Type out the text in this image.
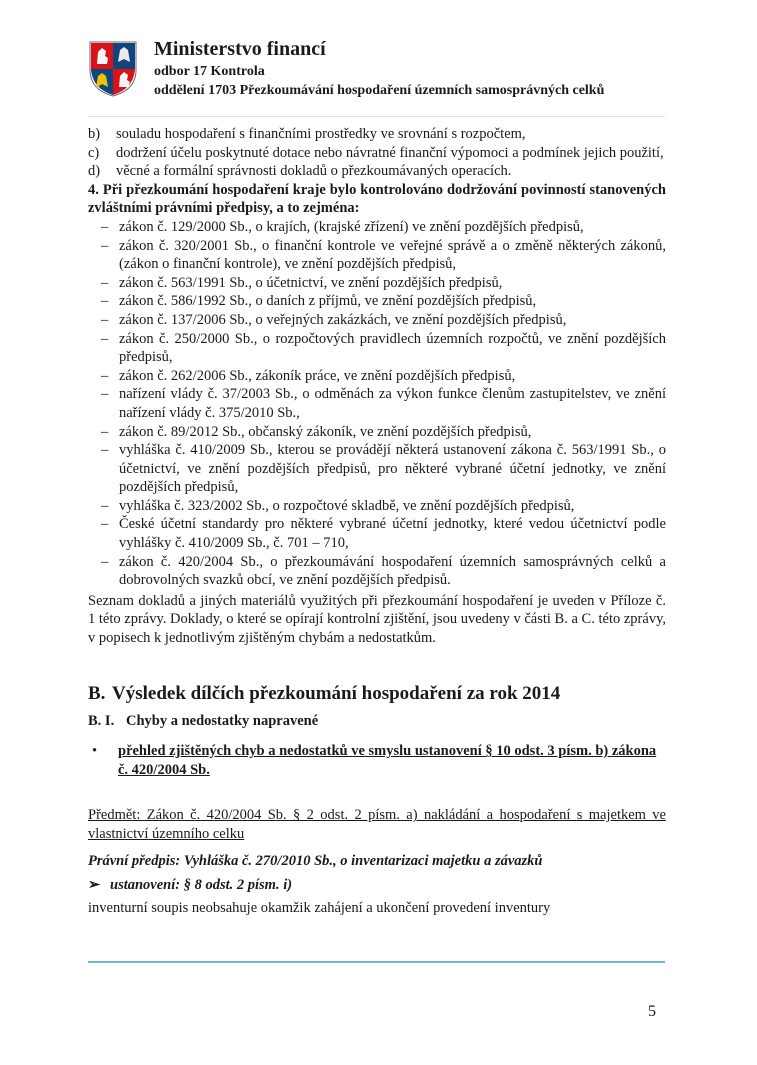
Ministerstvo financí
odbor 17 Kontrola
oddělení 1703 Přezkoumávání hospodaření územních samosprávných celků
b) souladu hospodaření s finančními prostředky ve srovnání s rozpočtem,
c) dodržení účelu poskytnuté dotace nebo návratné finanční výpomoci a podmínek jejich použití,
d) věcné a formální správnosti dokladů o přezkoumávaných operacích.
4. Při přezkoumání hospodaření kraje bylo kontrolováno dodržování povinností stanovených zvláštními právními předpisy, a to zejména:
– zákon č. 129/2000 Sb., o krajích, (krajské zřízení) ve znění pozdějších předpisů,
– zákon č. 320/2001 Sb., o finanční kontrole ve veřejné správě a o změně některých zákonů, (zákon o finanční kontrole), ve znění pozdějších předpisů,
– zákon č. 563/1991 Sb., o účetnictví, ve znění pozdějších předpisů,
– zákon č. 586/1992 Sb., o daních z příjmů, ve znění pozdějších předpisů,
– zákon č. 137/2006 Sb., o veřejných zakázkách, ve znění pozdějších předpisů,
– zákon č. 250/2000 Sb., o rozpočtových pravidlech územních rozpočtů, ve znění pozdějších předpisů,
– zákon č. 262/2006 Sb., zákoník práce, ve znění pozdějších předpisů,
– nařízení vlády č. 37/2003 Sb., o odměnách za výkon funkce členům zastupitelstev, ve znění nařízení vlády č. 375/2010 Sb.,
– zákon č. 89/2012 Sb., občanský zákoník, ve znění pozdějších předpisů,
– vyhláška č. 410/2009 Sb., kterou se provádějí některá ustanovení zákona č. 563/1991 Sb., o účetnictví, ve znění pozdějších předpisů, pro některé vybrané účetní jednotky, ve znění pozdějších předpisů,
– vyhláška č. 323/2002 Sb., o rozpočtové skladbě, ve znění pozdějších předpisů,
– České účetní standardy pro některé vybrané účetní jednotky, které vedou účetnictví podle vyhlášky č. 410/2009 Sb., č. 701 – 710,
– zákon č. 420/2004 Sb., o přezkoumávání hospodaření územních samosprávných celků a dobrovolných svazků obcí, ve znění pozdějších předpisů.
Seznam dokladů a jiných materiálů využitých při přezkoumání hospodaření je uveden v Příloze č. 1 této zprávy. Doklady, o které se opírají kontrolní zjištění, jsou uvedeny v části B. a C. této zprávy, v popisech k jednotlivým zjištěným chybám a nedostatkům.
B. Výsledek dílčích přezkoumání hospodaření za rok 2014
B. I. Chyby a nedostatky napravené
• přehled zjištěných chyb a nedostatků ve smyslu ustanovení § 10 odst. 3 písm. b) zákona č. 420/2004 Sb.
Předmět: Zákon č. 420/2004 Sb. § 2 odst. 2 písm. a) nakládání a hospodaření s majetkem ve vlastnictví územního celku
Právní předpis: Vyhláška č. 270/2010 Sb., o inventarizaci majetku a závazků
➢ ustanovení: § 8 odst. 2 písm. i)
inventurní soupis neobsahuje okamžik zahájení a ukončení provedení inventury
5
